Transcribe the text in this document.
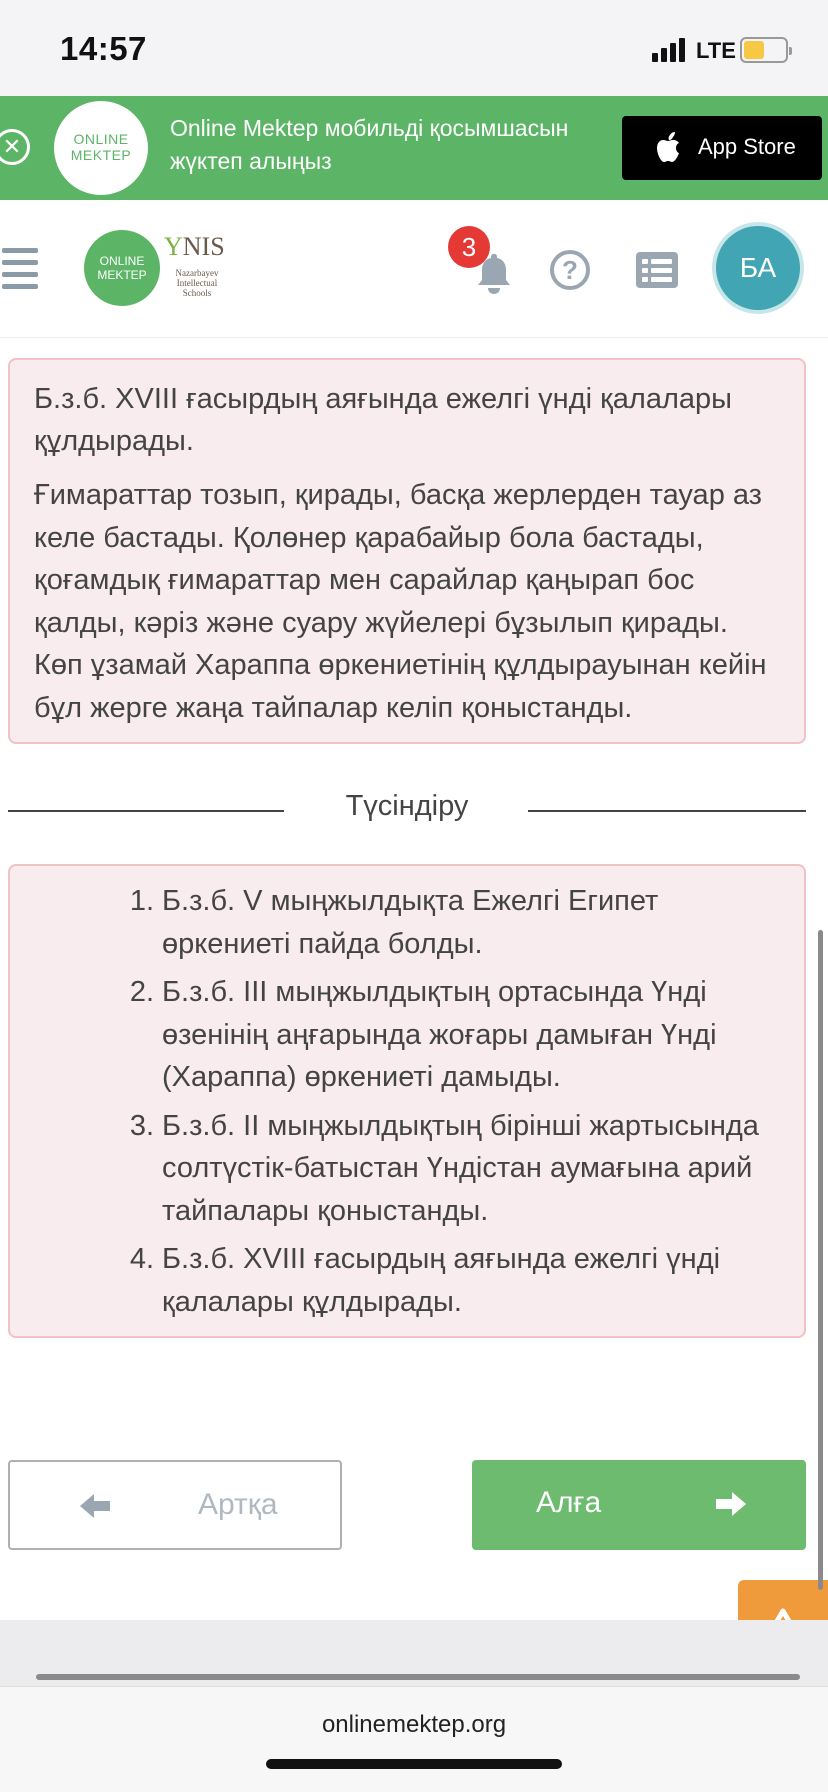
14:57	LTE
✕	ONLINE
MEKTEP
Online Mektep мобильді қосымшасын жүктеп алыңыз
App Store
ONLINE
MEKTEP
YNIS
Nazarbayev Intellectual Schools
3
?	БА

Б.з.б. XVIII ғасырдың аяғында ежелгі үнді қалалары құлдырады.

Ғимараттар тозып, қирады, басқа жерлерден тауар аз келе бастады. Қолөнер қарабайыр бола бастады, қоғамдық ғимараттар мен сарайлар қаңырап бос қалды, кәріз және суару жүйелері бұзылып қирады. Көп ұзамай Хараппа өркениетінің құлдырауынан кейін бұл жерге жаңа тайпалар келіп қоныстанды.

Түсіндіру
1. Б.з.б. V мыңжылдықта Ежелгі Египет өркениеті пайда болды.
2. Б.з.б. III мыңжылдықтың ортасында Үнді өзенінің аңғарында жоғары дамыған Үнді (Хараппа) өркениеті дамыды.
3. Б.з.б. II мыңжылдықтың бірінші жартысында солтүстік-батыстан Үндістан аумағына арий тайпалары қоныстанды.
4. Б.з.б. XVIII ғасырдың аяғында ежелгі үнді қалалары құлдырады.
Артқа	Алға
onlinemektep.org
